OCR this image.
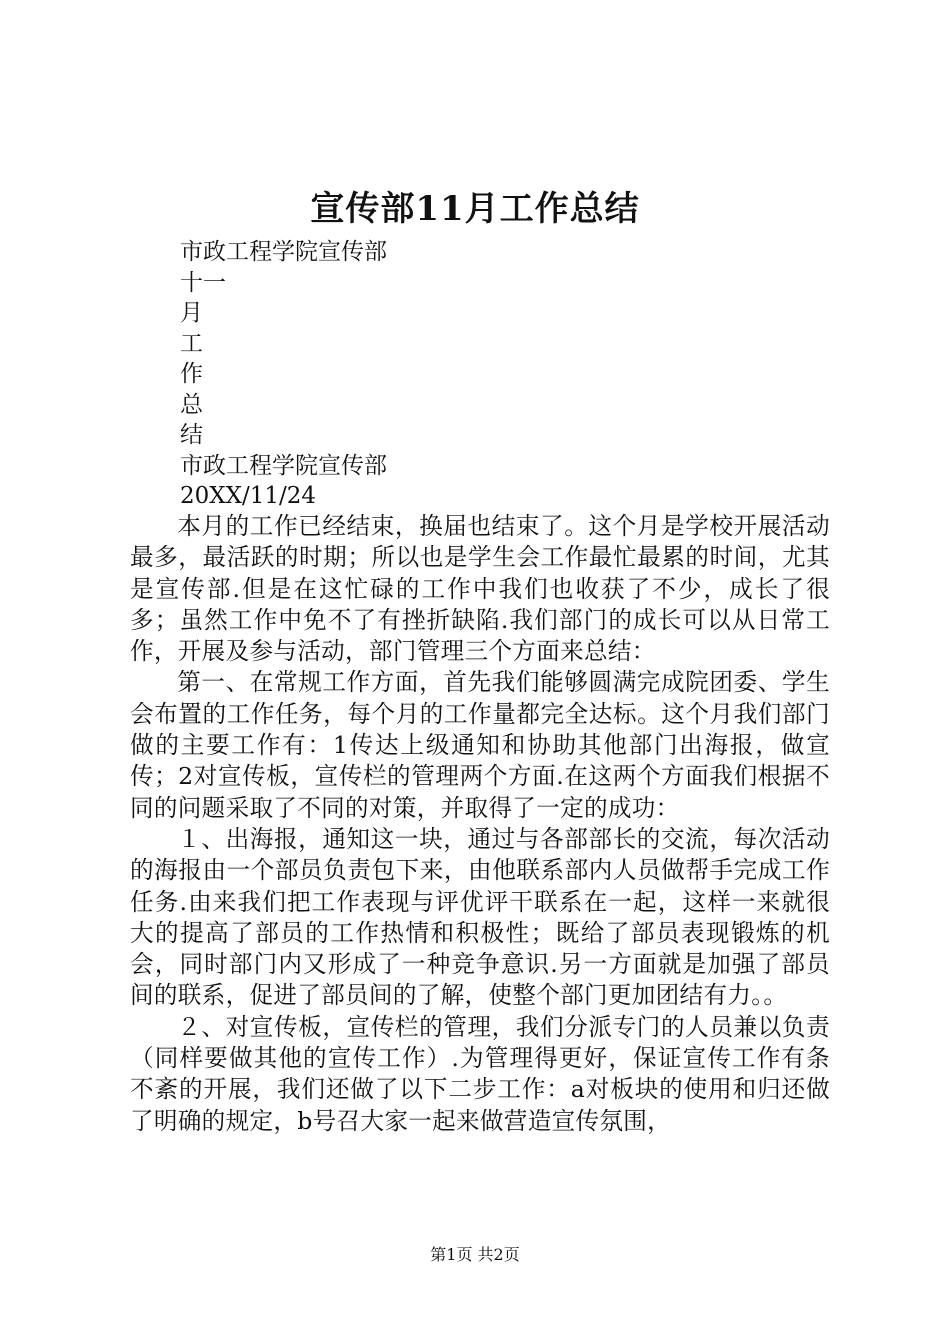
宣传部11月工作总结
市政工程学院宣传部
十一
月
工
作
总
结
市政工程学院宣传部
20XX/11/24

本月的工作已经结束，换届也结束了。这个月是学校开展活动最多，最活跃的时期；所以也是学生会工作最忙最累的时间，尤其是宣传部.但是在这忙碌的工作中我们也收获了不少，成长了很多；虽然工作中免不了有挫折缺陷.我们部门的成长可以从日常工作，开展及参与活动，部门管理三个方面来总结：

第一、在常规工作方面，首先我们能够圆满完成院团委、学生会布置的工作任务，每个月的工作量都完全达标。这个月我们部门做的主要工作有：1传达上级通知和协助其他部门出海报，做宣传；2对宣传板，宣传栏的管理两个方面.在这两个方面我们根据不同的问题采取了不同的对策，并取得了一定的成功：

１、出海报，通知这一块，通过与各部部长的交流，每次活动的海报由一个部员负责包下来，由他联系部内人员做帮手完成工作任务.由来我们把工作表现与评优评干联系在一起，这样一来就很大的提高了部员的工作热情和积极性；既给了部员表现锻炼的机会，同时部门内又形成了一种竞争意识.另一方面就是加强了部员间的联系，促进了部员间的了解，使整个部门更加团结有力。。

２、对宣传板，宣传栏的管理，我们分派专门的人员兼以负责（同样要做其他的宣传工作）.为管理得更好，保证宣传工作有条不紊的开展，我们还做了以下二步工作：a对板块的使用和归还做了明确的规定，b号召大家一起来做营造宣传氛围，

第1页 共2页
